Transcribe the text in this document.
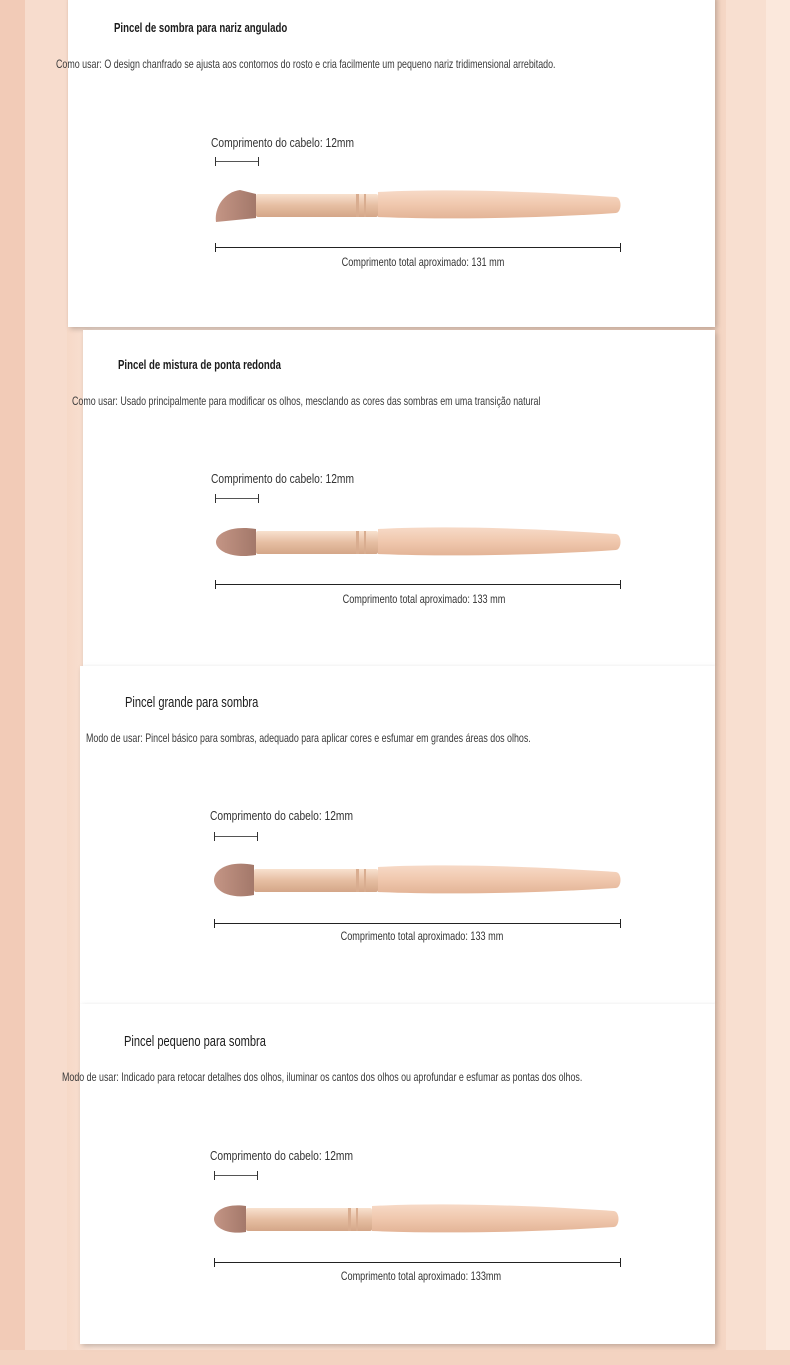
Pincel de sombra para nariz angulado
Como usar: O design chanfrado se ajusta aos contornos do rosto e cria facilmente um pequeno nariz tridimensional arrebitado.
Comprimento do cabelo: 12mm
Comprimento total aproximado: 131 mm
Pincel de mistura de ponta redonda
Como usar: Usado principalmente para modificar os olhos, mesclando as cores das sombras em uma transição natural
Comprimento do cabelo: 12mm
Comprimento total aproximado: 133 mm
Pincel grande para sombra
Modo de usar: Pincel básico para sombras, adequado para aplicar cores e esfumar em grandes áreas dos olhos.
Comprimento do cabelo: 12mm
Comprimento total aproximado: 133 mm
Pincel pequeno para sombra
Modo de usar: Indicado para retocar detalhes dos olhos, iluminar os cantos dos olhos ou aprofundar e esfumar as pontas dos olhos.
Comprimento do cabelo: 12mm
Comprimento total aproximado: 133mm
